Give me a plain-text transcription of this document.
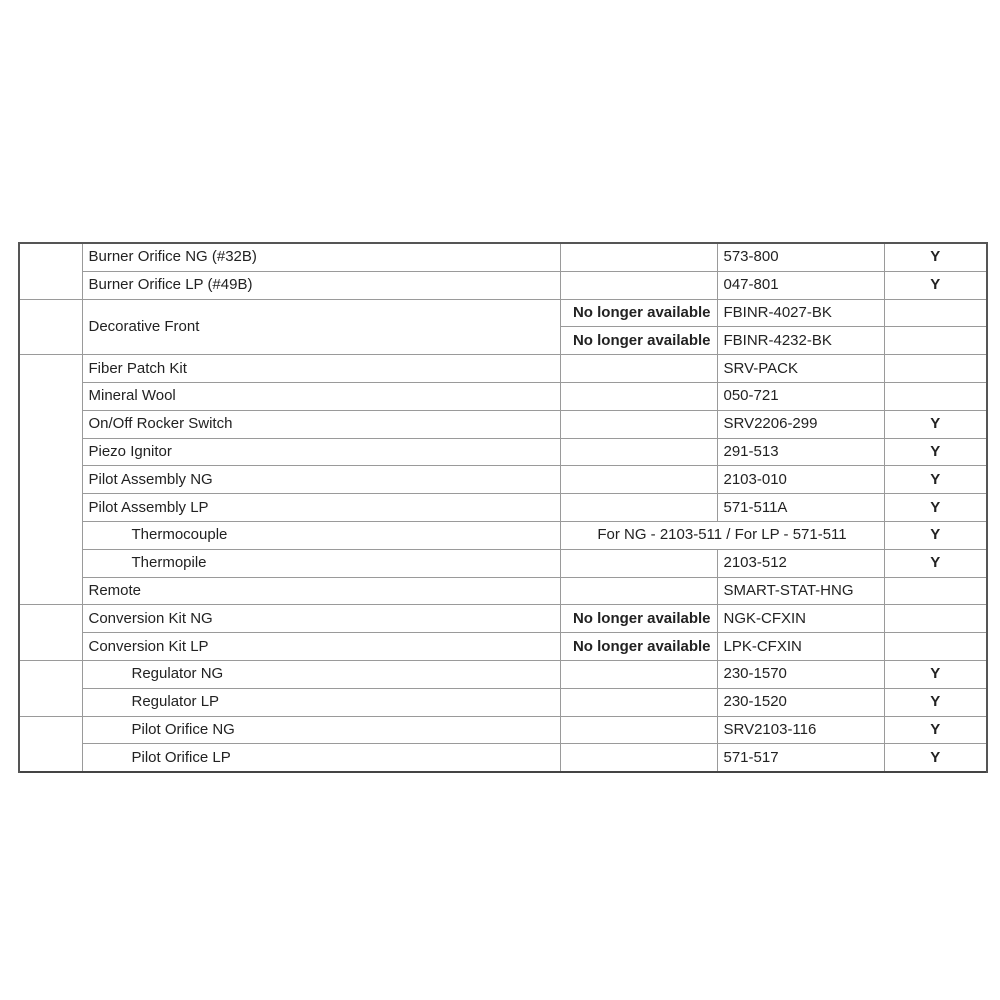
	Burner Orifice NG (#32B)		573-800	Y
	Burner Orifice LP (#49B)		047-801	Y
	Decorative Front	No longer available	FBINR-4027-BK	
		No longer available	FBINR-4232-BK	
	Fiber Patch Kit		SRV-PACK	
	Mineral Wool		050-721	
	On/Off Rocker Switch		SRV2206-299	Y
	Piezo Ignitor		291-513	Y
	Pilot Assembly NG		2103-010	Y
	Pilot Assembly LP		571-511A	Y
	Thermocouple	For NG - 2103-511 / For LP - 571-511		Y
	Thermopile		2103-512	Y
	Remote		SMART-STAT-HNG	
	Conversion Kit NG	No longer available	NGK-CFXIN	
	Conversion Kit LP	No longer available	LPK-CFXIN	
	Regulator NG		230-1570	Y
	Regulator LP		230-1520	Y
	Pilot Orifice NG		SRV2103-116	Y
	Pilot Orifice LP		571-517	Y
